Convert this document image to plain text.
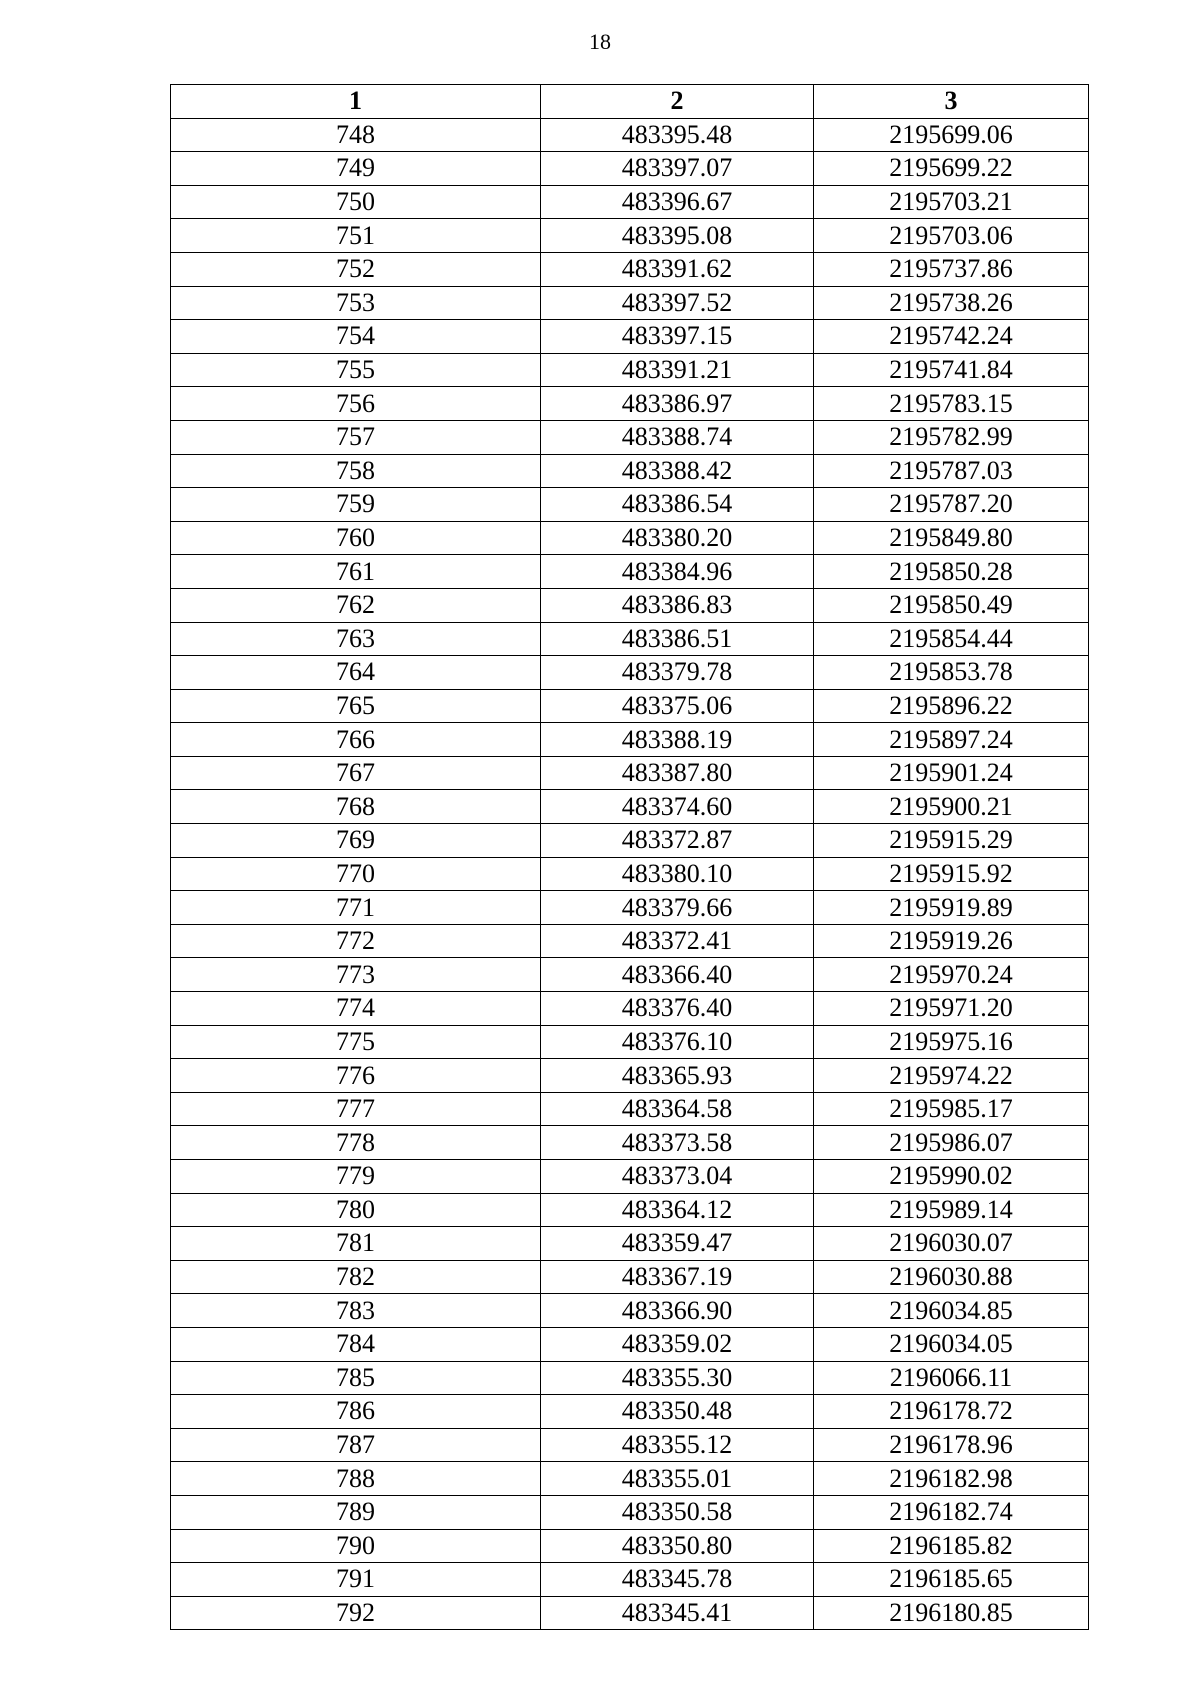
18
1	2	3
748	483395.48	2195699.06
749	483397.07	2195699.22
750	483396.67	2195703.21
751	483395.08	2195703.06
752	483391.62	2195737.86
753	483397.52	2195738.26
754	483397.15	2195742.24
755	483391.21	2195741.84
756	483386.97	2195783.15
757	483388.74	2195782.99
758	483388.42	2195787.03
759	483386.54	2195787.20
760	483380.20	2195849.80
761	483384.96	2195850.28
762	483386.83	2195850.49
763	483386.51	2195854.44
764	483379.78	2195853.78
765	483375.06	2195896.22
766	483388.19	2195897.24
767	483387.80	2195901.24
768	483374.60	2195900.21
769	483372.87	2195915.29
770	483380.10	2195915.92
771	483379.66	2195919.89
772	483372.41	2195919.26
773	483366.40	2195970.24
774	483376.40	2195971.20
775	483376.10	2195975.16
776	483365.93	2195974.22
777	483364.58	2195985.17
778	483373.58	2195986.07
779	483373.04	2195990.02
780	483364.12	2195989.14
781	483359.47	2196030.07
782	483367.19	2196030.88
783	483366.90	2196034.85
784	483359.02	2196034.05
785	483355.30	2196066.11
786	483350.48	2196178.72
787	483355.12	2196178.96
788	483355.01	2196182.98
789	483350.58	2196182.74
790	483350.80	2196185.82
791	483345.78	2196185.65
792	483345.41	2196180.85
